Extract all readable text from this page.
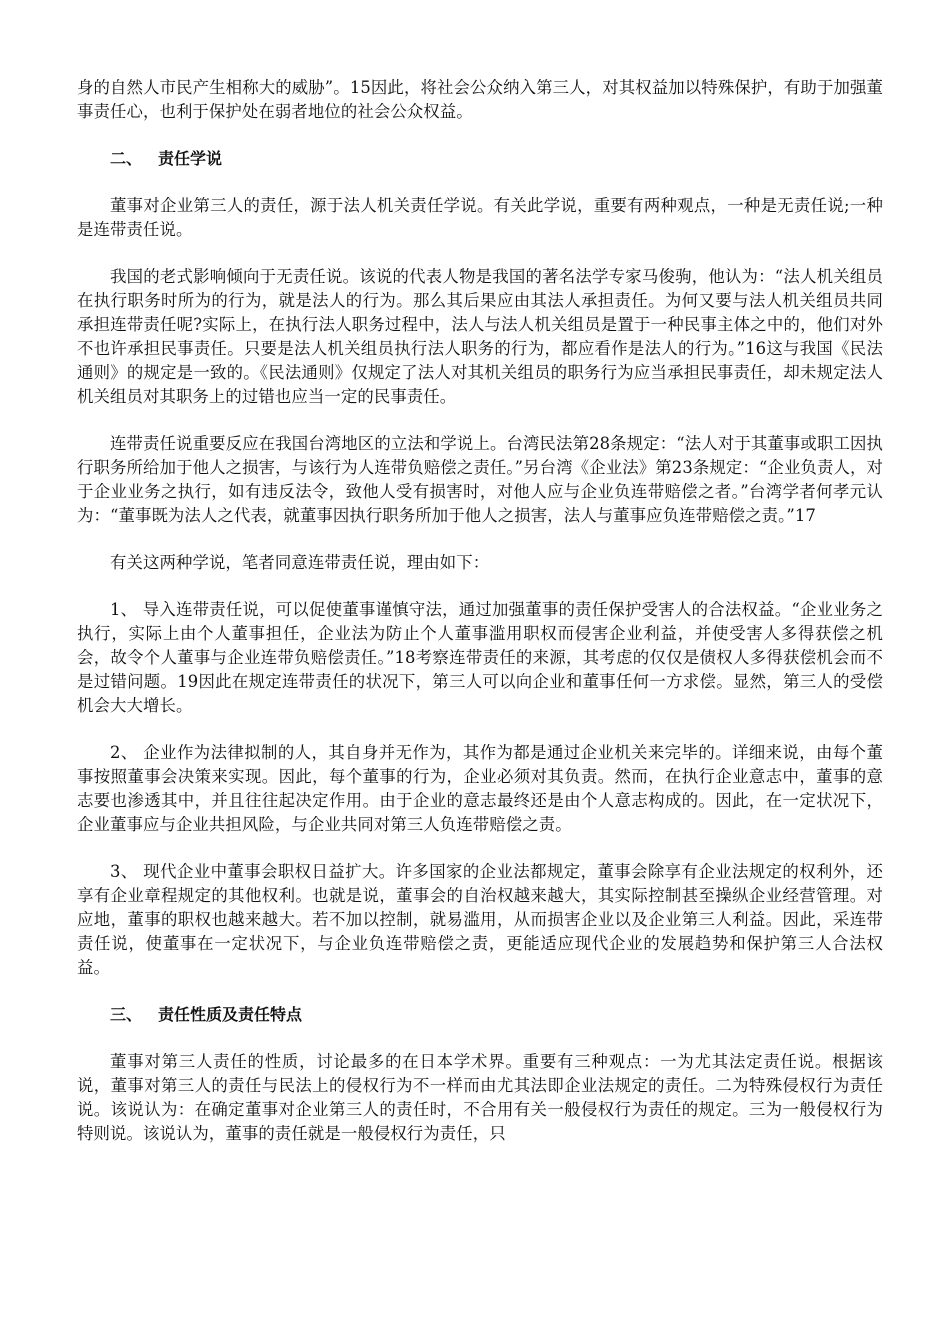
身的自然人市民产生相称大的威胁”。15因此，将社会公众纳入第三人，对其权益加以特殊保护，有助于加强董事责任心，也利于保护处在弱者地位的社会公众权益。

二、 责任学说

董事对企业第三人的责任，源于法人机关责任学说。有关此学说，重要有两种观点，一种是无责任说;一种是连带责任说。

我国的老式影响倾向于无责任说。该说的代表人物是我国的著名法学专家马俊驹，他认为：“法人机关组员在执行职务时所为的行为，就是法人的行为。那么其后果应由其法人承担责任。为何又要与法人机关组员共同承担连带责任呢?实际上，在执行法人职务过程中，法人与法人机关组员是置于一种民事主体之中的，他们对外不也许承担民事责任。只要是法人机关组员执行法人职务的行为，都应看作是法人的行为。”16这与我国《民法通则》的规定是一致的。《民法通则》仅规定了法人对其机关组员的职务行为应当承担民事责任，却未规定法人机关组员对其职务上的过错也应当一定的民事责任。

连带责任说重要反应在我国台湾地区的立法和学说上。台湾民法第28条规定：“法人对于其董事或职工因执行职务所给加于他人之损害，与该行为人连带负赔偿之责任。”另台湾《企业法》第23条规定：“企业负责人，对于企业业务之执行，如有违反法令，致他人受有损害时，对他人应与企业负连带赔偿之者。”台湾学者何孝元认为：“董事既为法人之代表，就董事因执行职务所加于他人之损害，法人与董事应负连带赔偿之责。”17

有关这两种学说，笔者同意连带责任说，理由如下：

1、 导入连带责任说，可以促使董事谨慎守法，通过加强董事的责任保护受害人的合法权益。“企业业务之执行，实际上由个人董事担任，企业法为防止个人董事滥用职权而侵害企业利益，并使受害人多得获偿之机会，故令个人董事与企业连带负赔偿责任。”18考察连带责任的来源，其考虑的仅仅是债权人多得获偿机会而不是过错问题。19因此在规定连带责任的状况下，第三人可以向企业和董事任何一方求偿。显然，第三人的受偿机会大大增长。

2、 企业作为法律拟制的人，其自身并无作为，其作为都是通过企业机关来完毕的。详细来说，由每个董事按照董事会决策来实现。因此，每个董事的行为，企业必须对其负责。然而，在执行企业意志中，董事的意志要也渗透其中，并且往往起决定作用。由于企业的意志最终还是由个人意志构成的。因此，在一定状况下，企业董事应与企业共担风险，与企业共同对第三人负连带赔偿之责。

3、 现代企业中董事会职权日益扩大。许多国家的企业法都规定，董事会除享有企业法规定的权利外，还享有企业章程规定的其他权利。也就是说，董事会的自治权越来越大，其实际控制甚至操纵企业经营管理。对应地，董事的职权也越来越大。若不加以控制，就易滥用，从而损害企业以及企业第三人利益。因此，采连带责任说，使董事在一定状况下，与企业负连带赔偿之责，更能适应现代企业的发展趋势和保护第三人合法权益。

三、 责任性质及责任特点

董事对第三人责任的性质，讨论最多的在日本学术界。重要有三种观点：一为尤其法定责任说。根据该说，董事对第三人的责任与民法上的侵权行为不一样而由尤其法即企业法规定的责任。二为特殊侵权行为责任说。该说认为：在确定董事对企业第三人的责任时，不合用有关一般侵权行为责任的规定。三为一般侵权行为特则说。该说认为，董事的责任就是一般侵权行为责任，只
